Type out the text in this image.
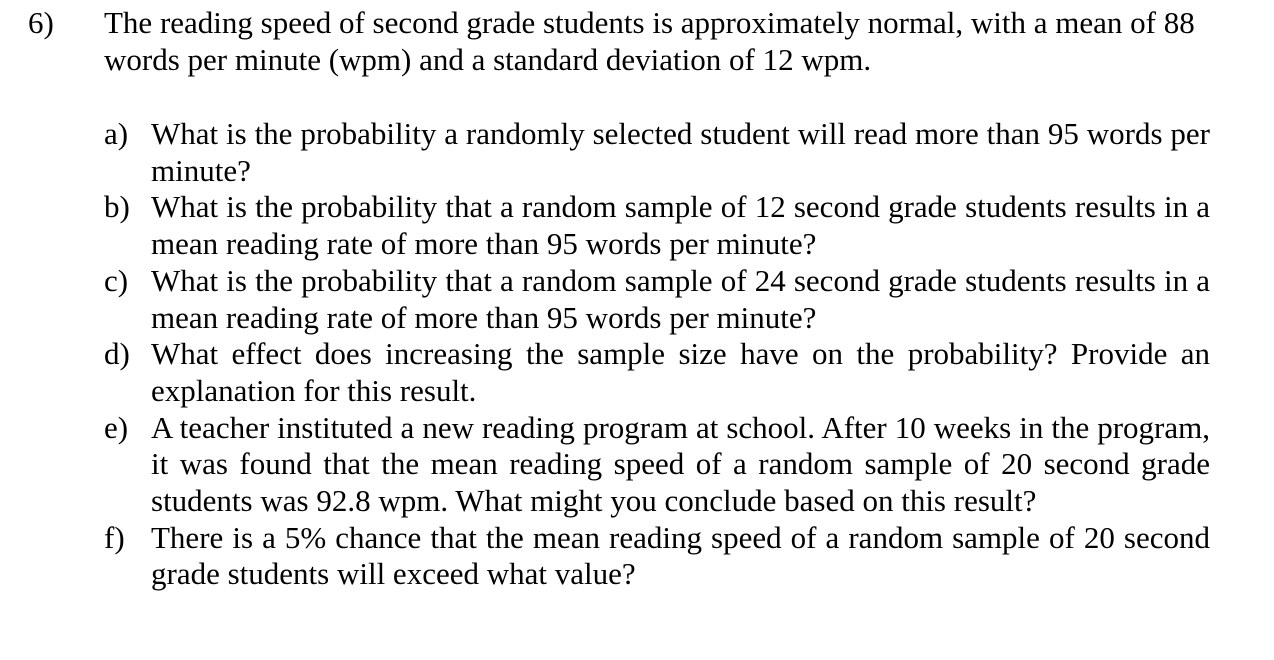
6) The reading speed of second grade students is approximately normal, with a mean of 88 words per minute (wpm) and a standard deviation of 12 wpm.
a) What is the probability a randomly selected student will read more than 95 words per minute?
b) What is the probability that a random sample of 12 second grade students results in a mean reading rate of more than 95 words per minute?
c) What is the probability that a random sample of 24 second grade students results in a mean reading rate of more than 95 words per minute?
d) What effect does increasing the sample size have on the probability? Provide an explanation for this result.
e) A teacher instituted a new reading program at school. After 10 weeks in the program, it was found that the mean reading speed of a random sample of 20 second grade students was 92.8 wpm. What might you conclude based on this result?
f) There is a 5% chance that the mean reading speed of a random sample of 20 second grade students will exceed what value?
